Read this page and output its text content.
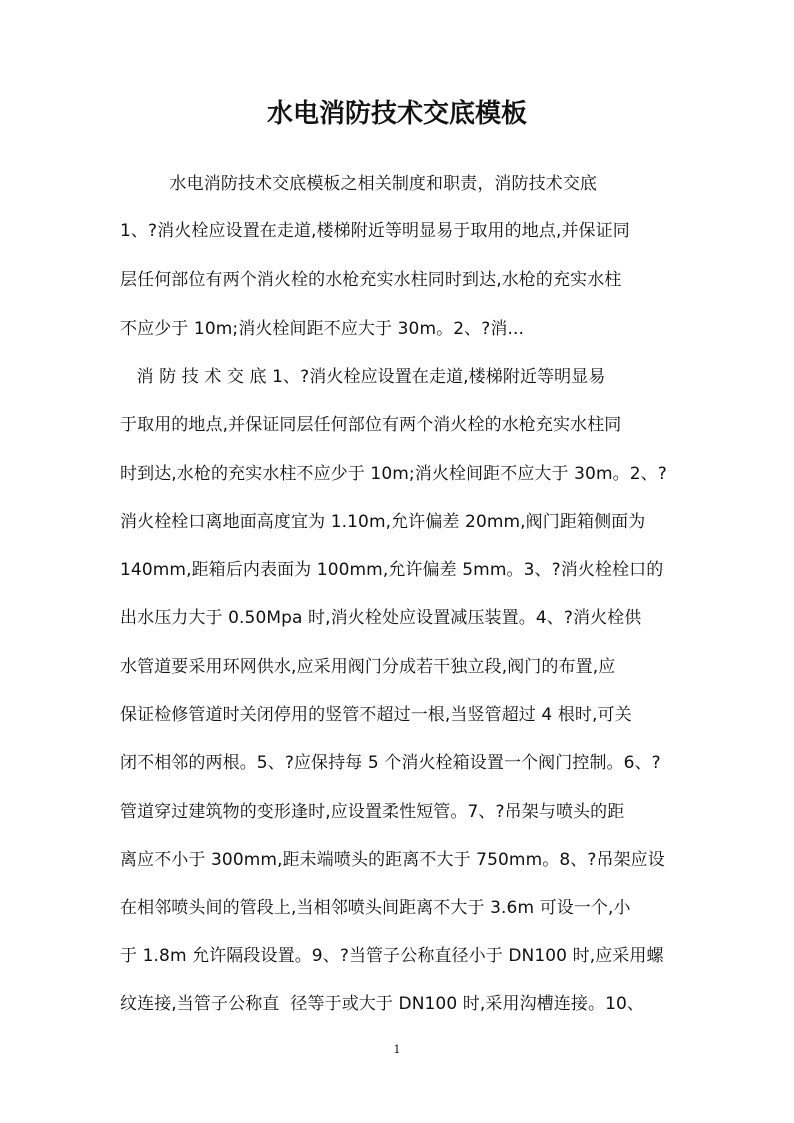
水电消防技术交底模板

水电消防技术交底模板之相关制度和职责，消防技术交底

1、?消火栓应设置在走道,楼梯附近等明显易于取用的地点,并保证同

层任何部位有两个消火栓的水枪充实水柱同时到达,水枪的充实水柱

不应少于 10m;消火栓间距不应大于 30m。2、?消...

消 防 技 术 交 底 1、?消火栓应设置在走道,楼梯附近等明显易

于取用的地点,并保证同层任何部位有两个消火栓的水枪充实水柱同

时到达,水枪的充实水柱不应少于 10m;消火栓间距不应大于 30m。2、?

消火栓栓口离地面高度宜为 1.10m,允许偏差 20mm,阀门距箱侧面为

140mm,距箱后内表面为 100mm,允许偏差 5mm。3、?消火栓栓口的

出水压力大于 0.50Mpa 时,消火栓处应设置减压装置。4、?消火栓供

水管道要采用环网供水,应采用阀门分成若干独立段,阀门的布置,应

保证检修管道时关闭停用的竖管不超过一根,当竖管超过 4 根时,可关

闭不相邻的两根。5、?应保持每 5 个消火栓箱设置一个阀门控制。6、?

管道穿过建筑物的变形逢时,应设置柔性短管。7、?吊架与喷头的距

离应不小于 300mm,距未端喷头的距离不大于 750mm。8、?吊架应设

在相邻喷头间的管段上,当相邻喷头间距离不大于 3.6m 可设一个,小

于 1.8m 允许隔段设置。9、?当管子公称直径小于 DN100 时,应采用螺

纹连接,当管子公称直  径等于或大于 DN100 时,采用沟槽连接。10、

1
